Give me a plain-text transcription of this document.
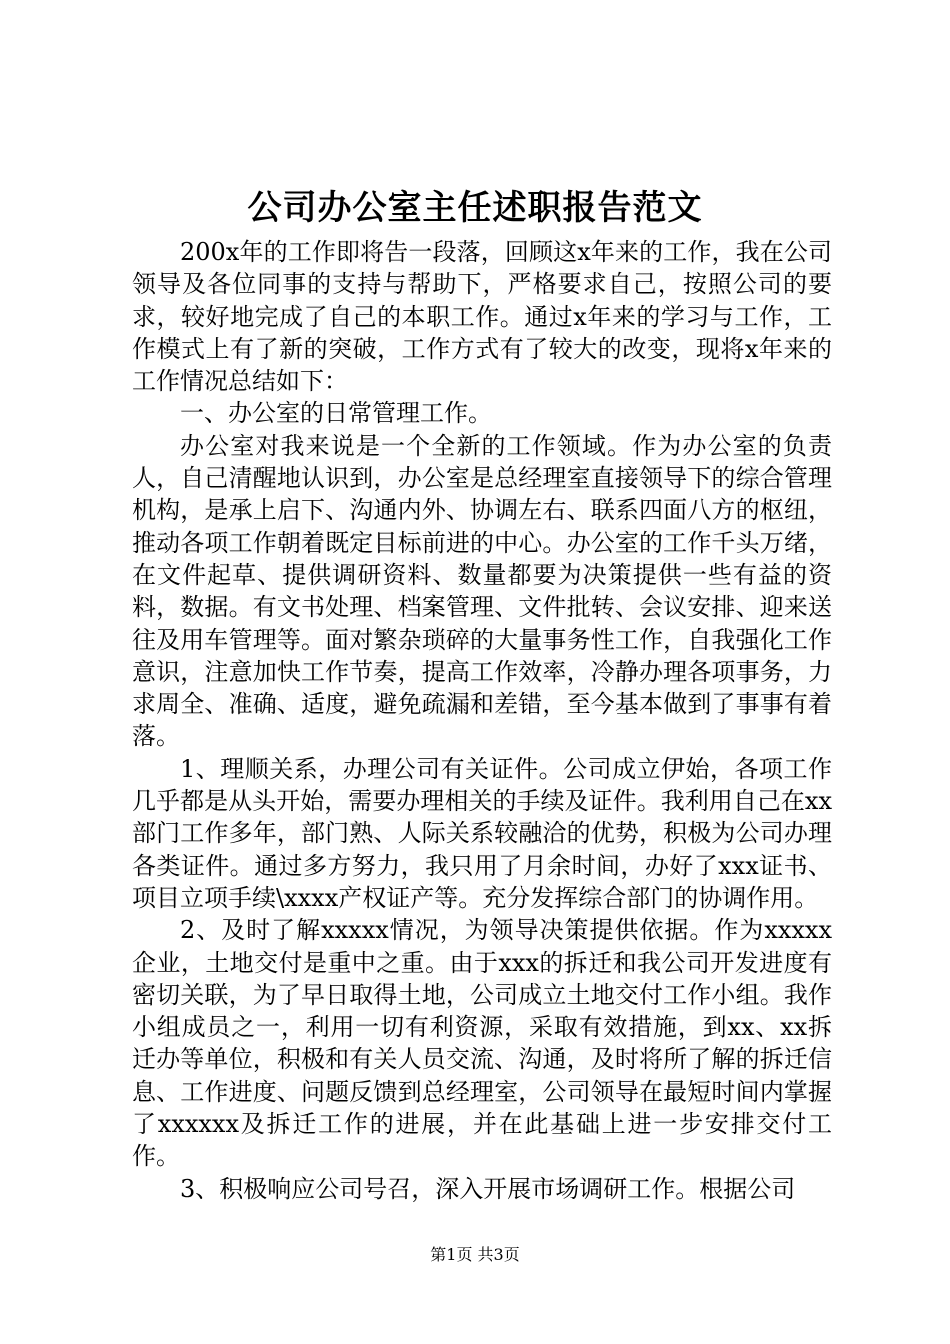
公司办公室主任述职报告范文

200x年的工作即将告一段落，回顾这x年来的工作，我在公司领导及各位同事的支持与帮助下，严格要求自己，按照公司的要求，较好地完成了自己的本职工作。通过x年来的学习与工作，工作模式上有了新的突破，工作方式有了较大的改变，现将x年来的工作情况总结如下：

一、办公室的日常管理工作。

办公室对我来说是一个全新的工作领域。作为办公室的负责人，自己清醒地认识到，办公室是总经理室直接领导下的综合管理机构，是承上启下、沟通内外、协调左右、联系四面八方的枢纽，推动各项工作朝着既定目标前进的中心。办公室的工作千头万绪，在文件起草、提供调研资料、数量都要为决策提供一些有益的资料，数据。有文书处理、档案管理、文件批转、会议安排、迎来送往及用车管理等。面对繁杂琐碎的大量事务性工作，自我强化工作意识，注意加快工作节奏，提高工作效率，冷静办理各项事务，力求周全、准确、适度，避免疏漏和差错，至今基本做到了事事有着落。

1、理顺关系，办理公司有关证件。公司成立伊始，各项工作几乎都是从头开始，需要办理相关的手续及证件。我利用自己在xx部门工作多年，部门熟、人际关系较融洽的优势，积极为公司办理各类证件。通过多方努力，我只用了月余时间，办好了xxx证书、项目立项手续\xxxx产权证产等。充分发挥综合部门的协调作用。

2、及时了解xxxxx情况，为领导决策提供依据。作为xxxxx企业，土地交付是重中之重。由于xxx的拆迁和我公司开发进度有密切关联，为了早日取得土地，公司成立土地交付工作小组。我作小组成员之一，利用一切有利资源，采取有效措施，到xx、xx拆迁办等单位，积极和有关人员交流、沟通，及时将所了解的拆迁信息、工作进度、问题反馈到总经理室，公司领导在最短时间内掌握了xxxxxx及拆迁工作的进展，并在此基础上进一步安排交付工作。

3、积极响应公司号召，深入开展市场调研工作。根据公司

第1页 共3页
